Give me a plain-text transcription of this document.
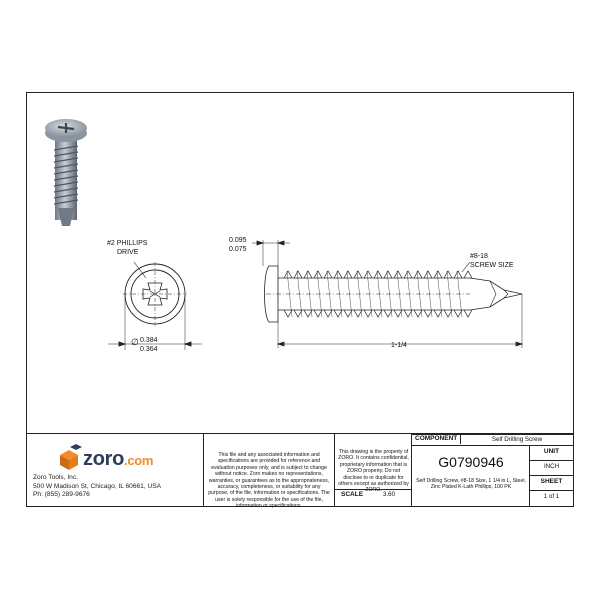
#2 PHILLIPS
DRIVE
0.095
0.075
#8-18
SCREW SIZE
∅ 0.384
0.364
1-1/4
zoro.com
Zoro Tools, Inc.
500 W Madison St, Chicago, IL 60661, USA
Ph: (855) 289-9676
This file and any associated information and specifications are provided for reference and evaluation purposes only, and is subject to change without notice. Zoro makes no representations, warranties, or guarantees as to the appropriateness, accuracy, completeness, or suitability for any purpose, of the file, information or specifications. The user is solely responsible for the use of the file, information or specifications.
This drawing is the property of ZORO. It contains confidential, proprietary information that is ZORO property. Do not disclose to or duplicate for others except as authorized by ZORO.
SCALE	3.60
COMPONENT	Self Drilling Screw
G0790946
Self Drilling Screw, #8-18 Size, 1 1/4 in L, Steel, Zinc Plated K-Lath Phillips, 100 PK
UNIT
INCH
SHEET
1 of 1
